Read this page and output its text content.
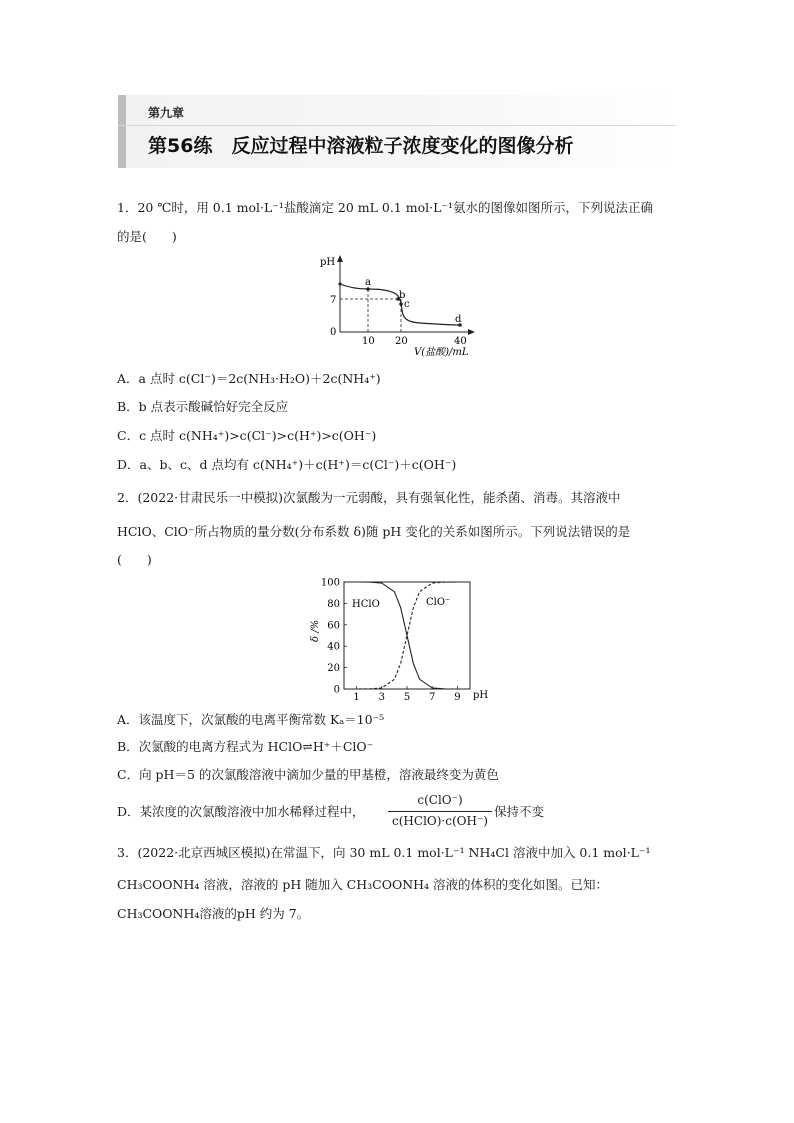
第九章
第56练　反应过程中溶液粒子浓度变化的图像分析
1．20 ℃时，用 0.1 mol·L⁻¹盐酸滴定 20 mL 0.1 mol·L⁻¹氨水的图像如图所示，下列说法正确
的是(　　)
pH
7
0
10 20	40
V(盐酸)/mL
a
b
c
d
A．a 点时 c(Cl⁻)＝2c(NH₃·H₂O)＋2c(NH₄⁺)
B．b 点表示酸碱恰好完全反应
C．c 点时 c(NH₄⁺)>c(Cl⁻)>c(H⁺)>c(OH⁻)
D．a、b、c、d 点均有 c(NH₄⁺)＋c(H⁺)＝c(Cl⁻)＋c(OH⁻)
2．(2022·甘肃民乐一中模拟)次氯酸为一元弱酸，具有强氧化性，能杀菌、消毒。其溶液中
HClO、ClO⁻所占物质的量分数(分布系数 δ)随 pH 变化的关系如图所示。下列说法错误的是
(　　)
0
20
40
60
80
100
1 3 5 7 9
HClO	ClO⁻
pH
δ /%
A．该温度下，次氯酸的电离平衡常数 Kₐ＝10⁻⁵
B．次氯酸的电离方程式为 HClO⇌H⁺＋ClO⁻
C．向 pH＝5 的次氯酸溶液中滴加少量的甲基橙，溶液最终变为黄色
D．某浓度的次氯酸溶液中加水稀释过程中，
c(ClO⁻)
c(HClO)·c(OH⁻)
保持不变
3．(2022·北京西城区模拟)在常温下，向 30 mL 0.1 mol·L⁻¹ NH₄Cl 溶液中加入 0.1 mol·L⁻¹
CH₃COONH₄ 溶液，溶液的 pH 随加入 CH₃COONH₄ 溶液的体积的变化如图。已知：
CH₃COONH₄溶液的pH 约为 7。
